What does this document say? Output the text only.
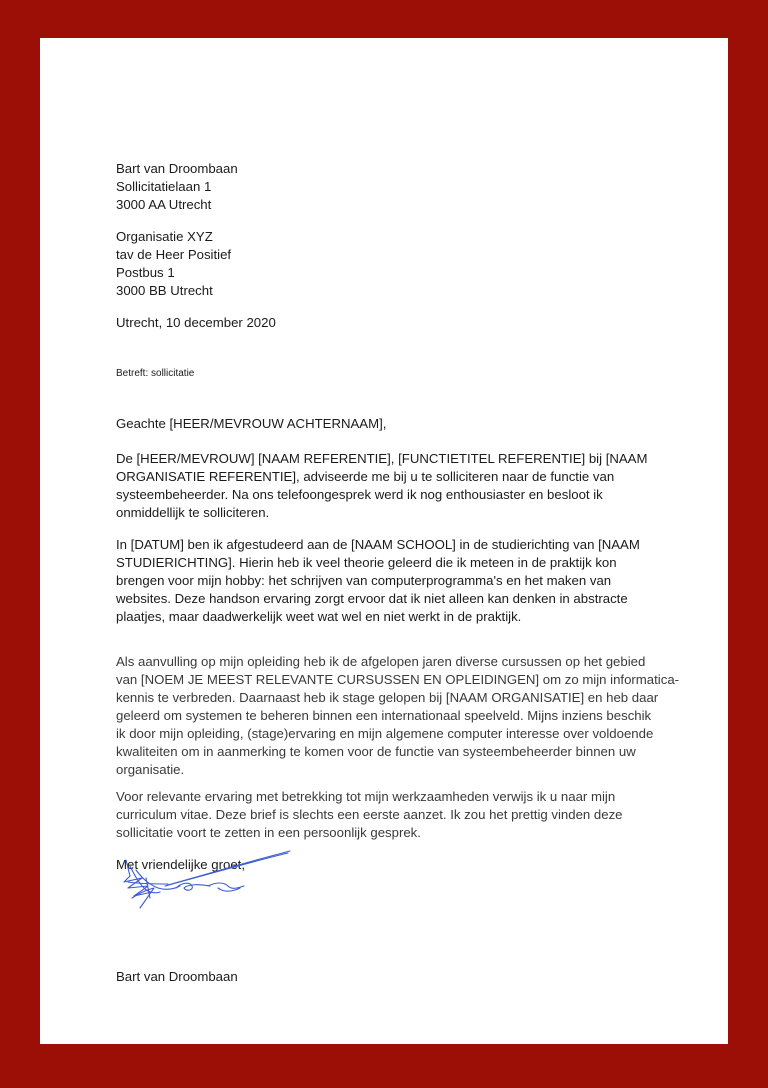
Bart van Droombaan
Sollicitatielaan 1
3000 AA Utrecht
Organisatie XYZ
tav de Heer Positief
Postbus 1
3000 BB Utrecht
Utrecht, 10 december 2020
Betreft: sollicitatie
Geachte [HEER/MEVROUW ACHTERNAAM],

De [HEER/MEVROUW] [NAAM REFERENTIE], [FUNCTIETITEL REFERENTIE] bij [NAAM
ORGANISATIE REFERENTIE], adviseerde me bij u te solliciteren naar de functie van
systeembeheerder. Na ons telefoongesprek werd ik nog enthousiaster en besloot ik
onmiddellijk te solliciteren.

In [DATUM] ben ik afgestudeerd aan de [NAAM SCHOOL] in de studierichting van [NAAM
STUDIERICHTING]. Hierin heb ik veel theorie geleerd die ik meteen in de praktijk kon
brengen voor mijn hobby: het schrijven van computerprogramma's en het maken van
websites. Deze handson ervaring zorgt ervoor dat ik niet alleen kan denken in abstracte
plaatjes, maar daadwerkelijk weet wat wel en niet werkt in de praktijk.

Als aanvulling op mijn opleiding heb ik de afgelopen jaren diverse cursussen op het gebied
van [NOEM JE MEEST RELEVANTE CURSUSSEN EN OPLEIDINGEN] om zo mijn informatica-
kennis te verbreden. Daarnaast heb ik stage gelopen bij [NAAM ORGANISATIE] en heb daar
geleerd om systemen te beheren binnen een internationaal speelveld. Mijns inziens beschik
ik door mijn opleiding, (stage)ervaring en mijn algemene computer interesse over voldoende
kwaliteiten om in aanmerking te komen voor de functie van systeembeheerder binnen uw
organisatie.

Voor relevante ervaring met betrekking tot mijn werkzaamheden verwijs ik u naar mijn
curriculum vitae. Deze brief is slechts een eerste aanzet. Ik zou het prettig vinden deze
sollicitatie voort te zetten in een persoonlijk gesprek.

Met vriendelijke groet,
Bart van Droombaan
